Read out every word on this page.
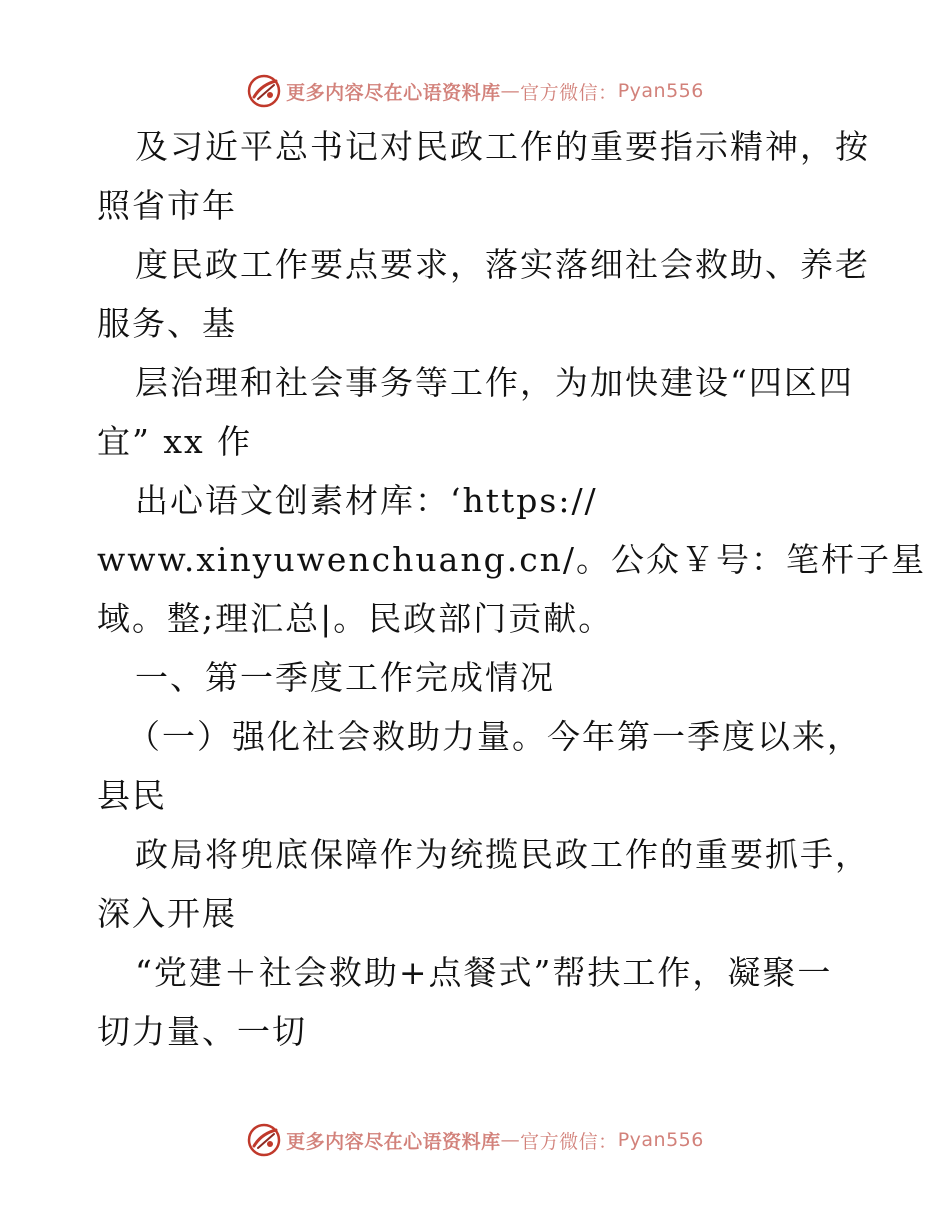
更多内容尽在心语资料库 — 官方微信： Pyan556
及习近平总书记对民政工作的重要指示精神，按
照省市年
度民政工作要点要求，落实落细社会救助、养老
服务、基
层治理和社会事务等工作，为加快建设“四区四
宜” xx 作
出心语文创素材库：‘https://
www.xinyuwenchuang.cn/。公众￥号：笔杆子星
域。整;理汇总|。民政部门贡献。
一、第一季度工作完成情况
（一）强化社会救助力量。今年第一季度以来，
县民
政局将兜底保障作为统揽民政工作的重要抓手，
深入开展
“党建＋社会救助+点餐式”帮扶工作，凝聚一
切力量、一切
更多内容尽在心语资料库 — 官方微信： Pyan556
